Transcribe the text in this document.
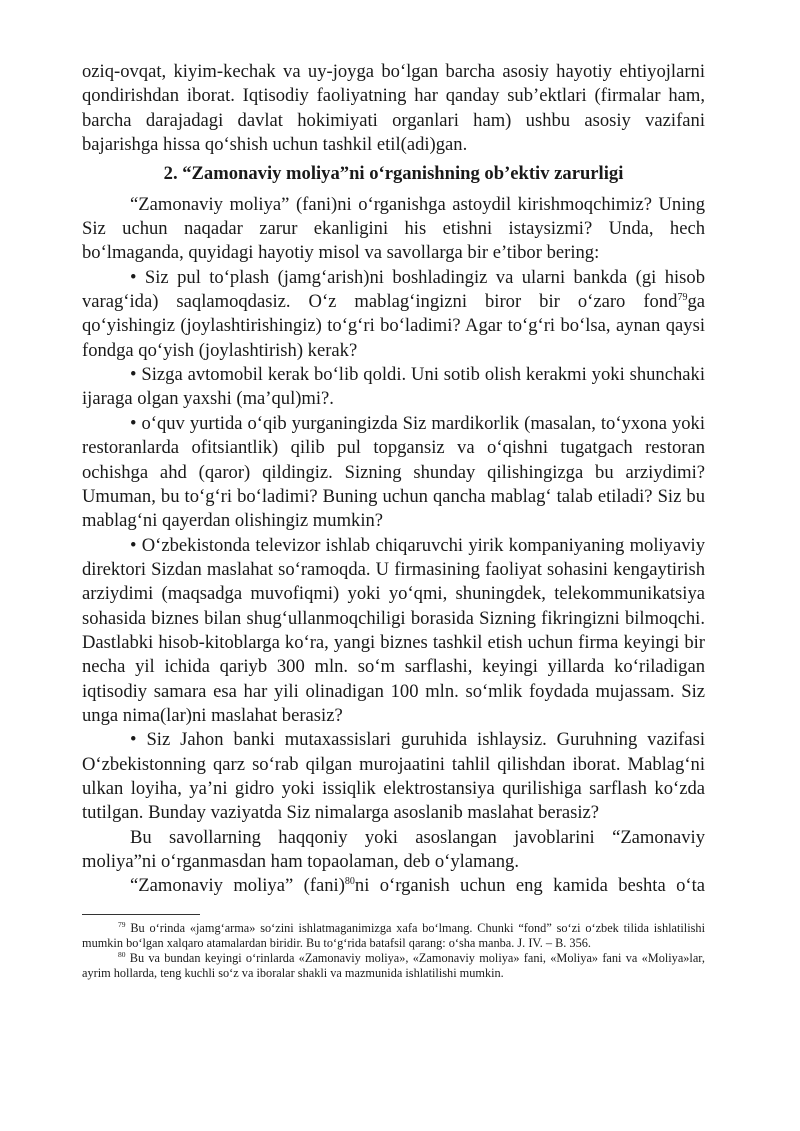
oziq-ovqat, kiyim-kechak va uy-joyga bo‘lgan barcha asosiy hayotiy ehtiyojlarni qondirishdan iborat. Iqtisodiy faoliyatning har qanday sub’ektlari (firmalar ham, barcha darajadagi davlat hokimiyati organlari ham) ushbu asosiy vazifani bajarishga hissa qo‘shish uchun tashkil etil(adi)gan.

2. “Zamonaviy moliya”ni o‘rganishning ob’ektiv zarurligi

“Zamonaviy moliya” (fani)ni o‘rganishga astoydil kirishmoqchimiz? Uning Siz uchun naqadar zarur ekanligini his etishni istaysizmi? Unda, hech bo‘lmaganda, quyidagi hayotiy misol va savollarga bir e’tibor bering:

• Siz pul to‘plash (jamg‘arish)ni boshladingiz va ularni bankda (gi hisob varag‘ida) saqlamoqdasiz. O‘z mablag‘ingizni biror bir o‘zaro fond$^{79}$ga qo‘yishingiz (joylashtirishingiz) to‘g‘ri bo‘ladimi? Agar to‘g‘ri bo‘lsa, aynan qaysi fondga qo‘yish (joylashtirish) kerak?

• Sizga avtomobil kerak bo‘lib qoldi. Uni sotib olish kerakmi yoki shunchaki ijaraga olgan yaxshi (ma’qul)mi?.

• o‘quv yurtida o‘qib yurganingizda Siz mardikorlik (masalan, to‘yxona yoki restoranlarda ofitsiantlik) qilib pul topgansiz va o‘qishni tugatgach restoran ochishga ahd (qaror) qildingiz. Sizning shunday qilishingizga bu arziydimi? Umuman, bu to‘g‘ri bo‘ladimi? Buning uchun qancha mablag‘ talab etiladi? Siz bu mablag‘ni qayerdan olishingiz mumkin?

• O‘zbekistonda televizor ishlab chiqaruvchi yirik kompaniyaning moliyaviy direktori Sizdan maslahat so‘ramoqda. U firmasining faoliyat sohasini kengaytirish arziydimi (maqsadga muvofiqmi) yoki yo‘qmi, shuningdek, telekommunikatsiya sohasida biznes bilan shug‘ullanmoqchiligi borasida Sizning fikringizni bilmoqchi. Dastlabki hisob-kitoblarga ko‘ra, yangi biznes tashkil etish uchun firma keyingi bir necha yil ichida qariyb 300 mln. so‘m sarflashi, keyingi yillarda ko‘riladigan iqtisodiy samara esa har yili olinadigan 100 mln. so‘mlik foydada mujassam. Siz unga nima(lar)ni maslahat berasiz?

• Siz Jahon banki mutaxassislari guruhida ishlaysiz. Guruhning vazifasi O‘zbekistonning qarz so‘rab qilgan murojaatini tahlil qilishdan iborat. Mablag‘ni ulkan loyiha, ya’ni gidro yoki issiqlik elektrostansiya qurilishiga sarflash ko‘zda tutilgan. Bunday vaziyatda Siz nimalarga asoslanib maslahat berasiz?

Bu savollarning haqqoniy yoki asoslangan javoblarini “Zamonaviy moliya”ni o‘rganmasdan ham topaolaman, deb o‘ylamang.

“Zamonaviy moliya” (fani)$^{80}$ni o‘rganish uchun eng kamida beshta o‘ta

$^{79}$ Bu o‘rinda «jamg‘arma» so‘zini ishlatmaganimizga xafa bo‘lmang. Chunki “fond” so‘zi o‘zbek tilida ishlatilishi mumkin bo‘lgan xalqaro atamalardan biridir. Bu to‘g‘rida batafsil qarang: o‘sha manba. J. IV. – B. 356.

$^{80}$ Bu va bundan keyingi o‘rinlarda «Zamonaviy moliya», «Zamonaviy moliya» fani, «Moliya» fani va «Moliya»lar, ayrim hollarda, teng kuchli so‘z va iboralar shakli va mazmunida ishlatilishi mumkin.
